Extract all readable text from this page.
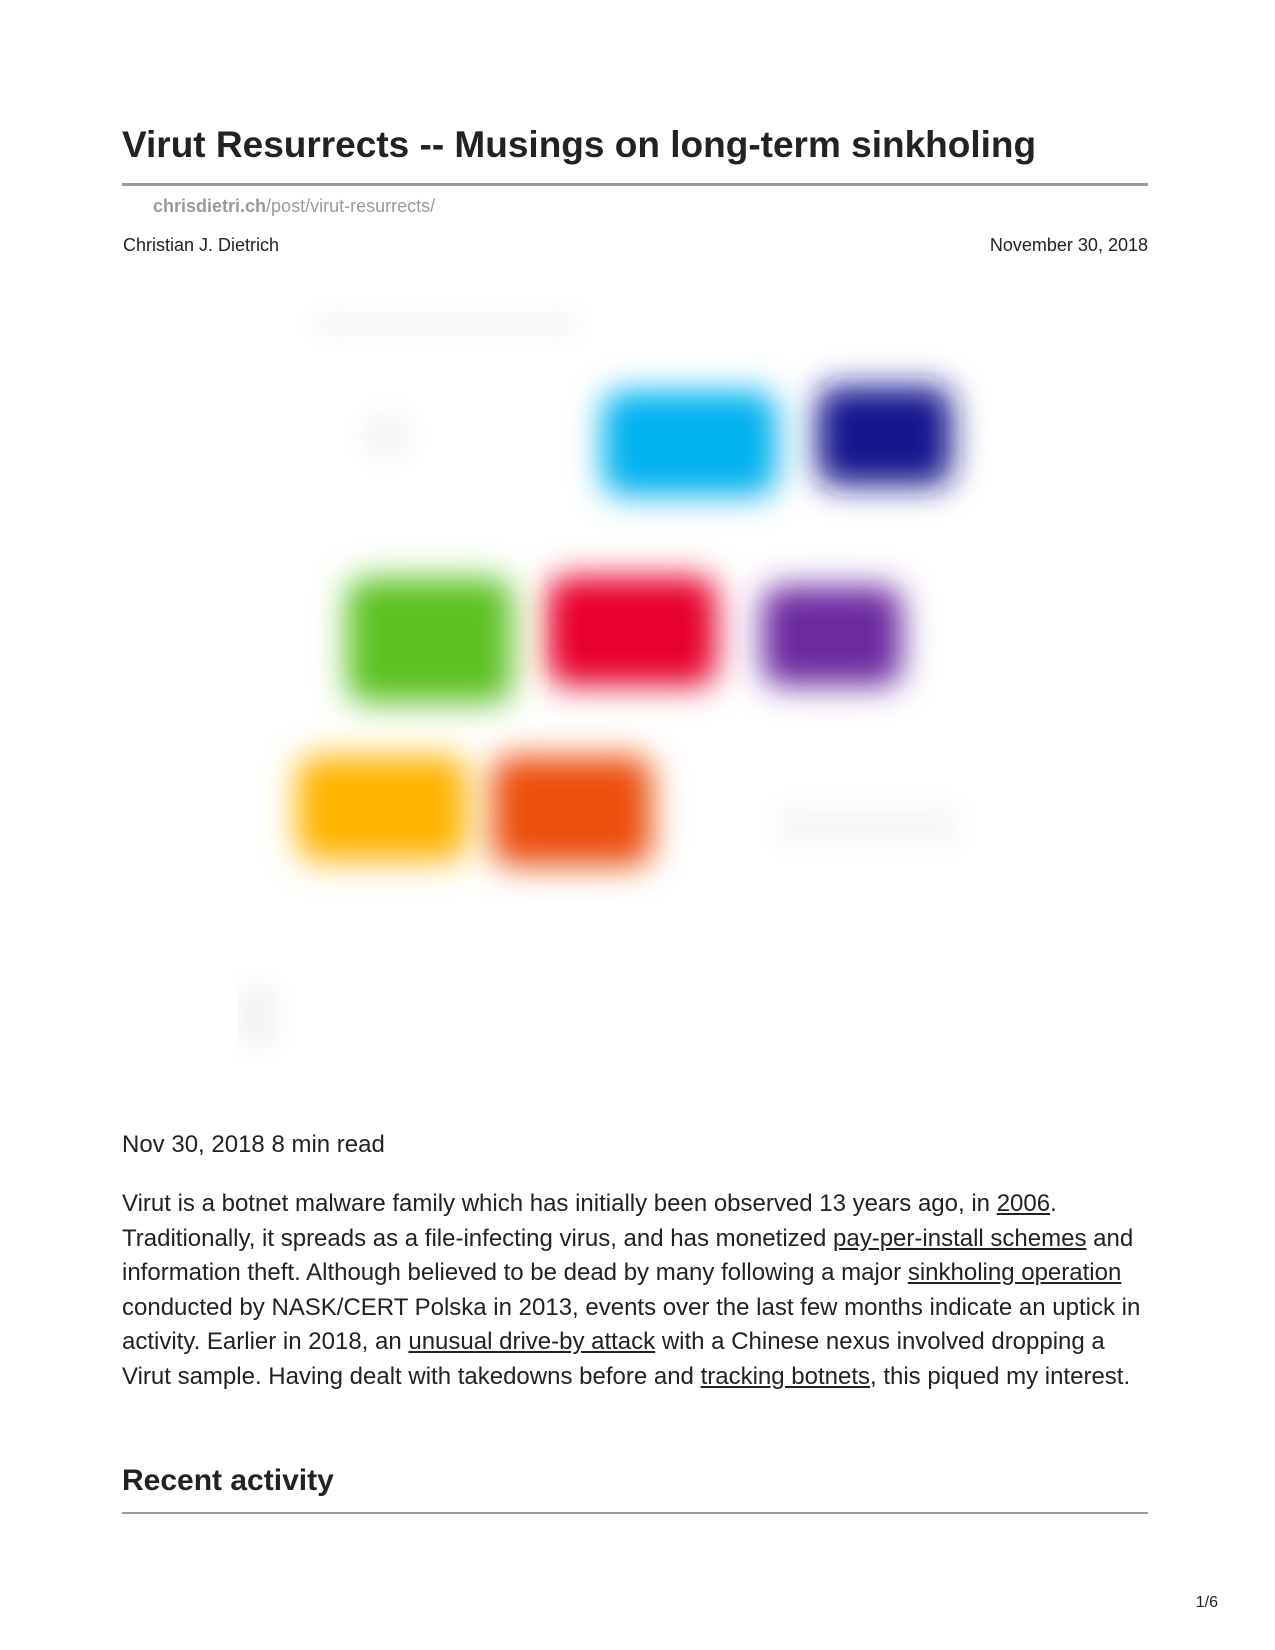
Virut Resurrects -- Musings on long-term sinkholing
chrisdietri.ch/post/virut-resurrects/
Christian J. Dietrich	November 30, 2018
Nov 30, 2018 8 min read

Virut is a botnet malware family which has initially been observed 13 years ago, in 2006. Traditionally, it spreads as a file-infecting virus, and has monetized pay-per-install schemes and information theft. Although believed to be dead by many following a major sinkholing operation conducted by NASK/CERT Polska in 2013, events over the last few months indicate an uptick in activity. Earlier in 2018, an unusual drive-by attack with a Chinese nexus involved dropping a Virut sample. Having dealt with takedowns before and tracking botnets, this piqued my interest.

Recent activity
1/6
